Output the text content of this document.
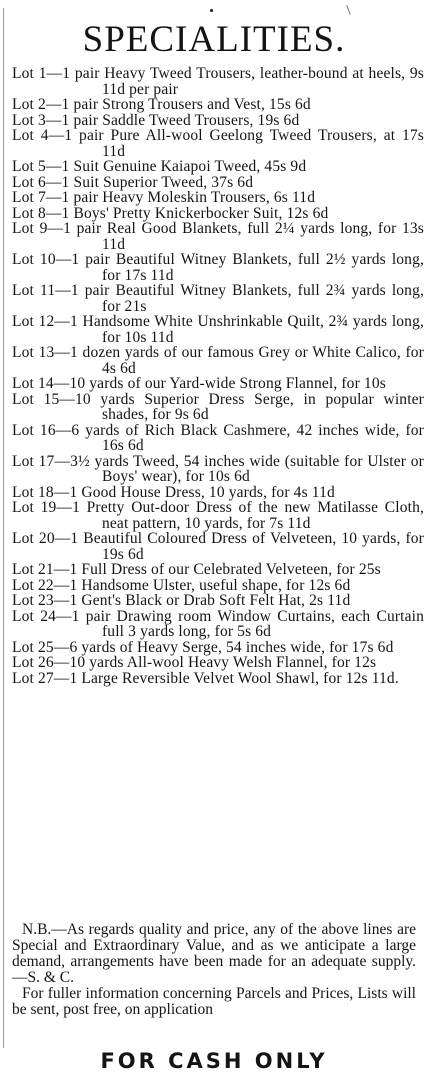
SPECIALITIES.

Lot 1—1 pair Heavy Tweed Trousers, leather-bound at heels, 9s 11d per pair

Lot 2—1 pair Strong Trousers and Vest, 15s 6d

Lot 3—1 pair Saddle Tweed Trousers, 19s 6d

Lot 4—1 pair Pure All-wool Geelong Tweed Trousers, at 17s 11d

Lot 5—1 Suit Genuine Kaiapoi Tweed, 45s 9d

Lot 6—1 Suit Superior Tweed, 37s 6d

Lot 7—1 pair Heavy Moleskin Trousers, 6s 11d

Lot 8—1 Boys' Pretty Knickerbocker Suit, 12s 6d

Lot 9—1 pair Real Good Blankets, full 2¼ yards long, for 13s 11d

Lot 10—1 pair Beautiful Witney Blankets, full 2½ yards long, for 17s 11d

Lot 11—1 pair Beautiful Witney Blankets, full 2¾ yards long, for 21s

Lot 12—1 Handsome White Unshrinkable Quilt, 2¾ yards long, for 10s 11d

Lot 13—1 dozen yards of our famous Grey or White Calico, for 4s 6d

Lot 14—10 yards of our Yard-wide Strong Flannel, for 10s

Lot 15—10 yards Superior Dress Serge, in popular winter shades, for 9s 6d

Lot 16—6 yards of Rich Black Cashmere, 42 inches wide, for 16s 6d

Lot 17—3½ yards Tweed, 54 inches wide (suitable for Ulster or Boys' wear), for 10s 6d

Lot 18—1 Good House Dress, 10 yards, for 4s 11d

Lot 19—1 Pretty Out-door Dress of the new Matilasse Cloth, neat pattern, 10 yards, for 7s 11d

Lot 20—1 Beautiful Coloured Dress of Velveteen, 10 yards, for 19s 6d

Lot 21—1 Full Dress of our Celebrated Velveteen, for 25s

Lot 22—1 Handsome Ulster, useful shape, for 12s 6d

Lot 23—1 Gent's Black or Drab Soft Felt Hat, 2s 11d

Lot 24—1 pair Drawing room Window Curtains, each Curtain full 3 yards long, for 5s 6d

Lot 25—6 yards of Heavy Serge, 54 inches wide, for 17s 6d

Lot 26—10 yards All-wool Heavy Welsh Flannel, for 12s

Lot 27—1 Large Reversible Velvet Wool Shawl, for 12s 11d.

N.B.—As regards quality and price, any of the above lines are Special and Extraordinary Value, and as we anticipate a large demand, arrangements have been made for an adequate supply.—S. & C.

For fuller information concerning Parcels and Prices, Lists will be sent, post free, on application

FOR CASH ONLY
